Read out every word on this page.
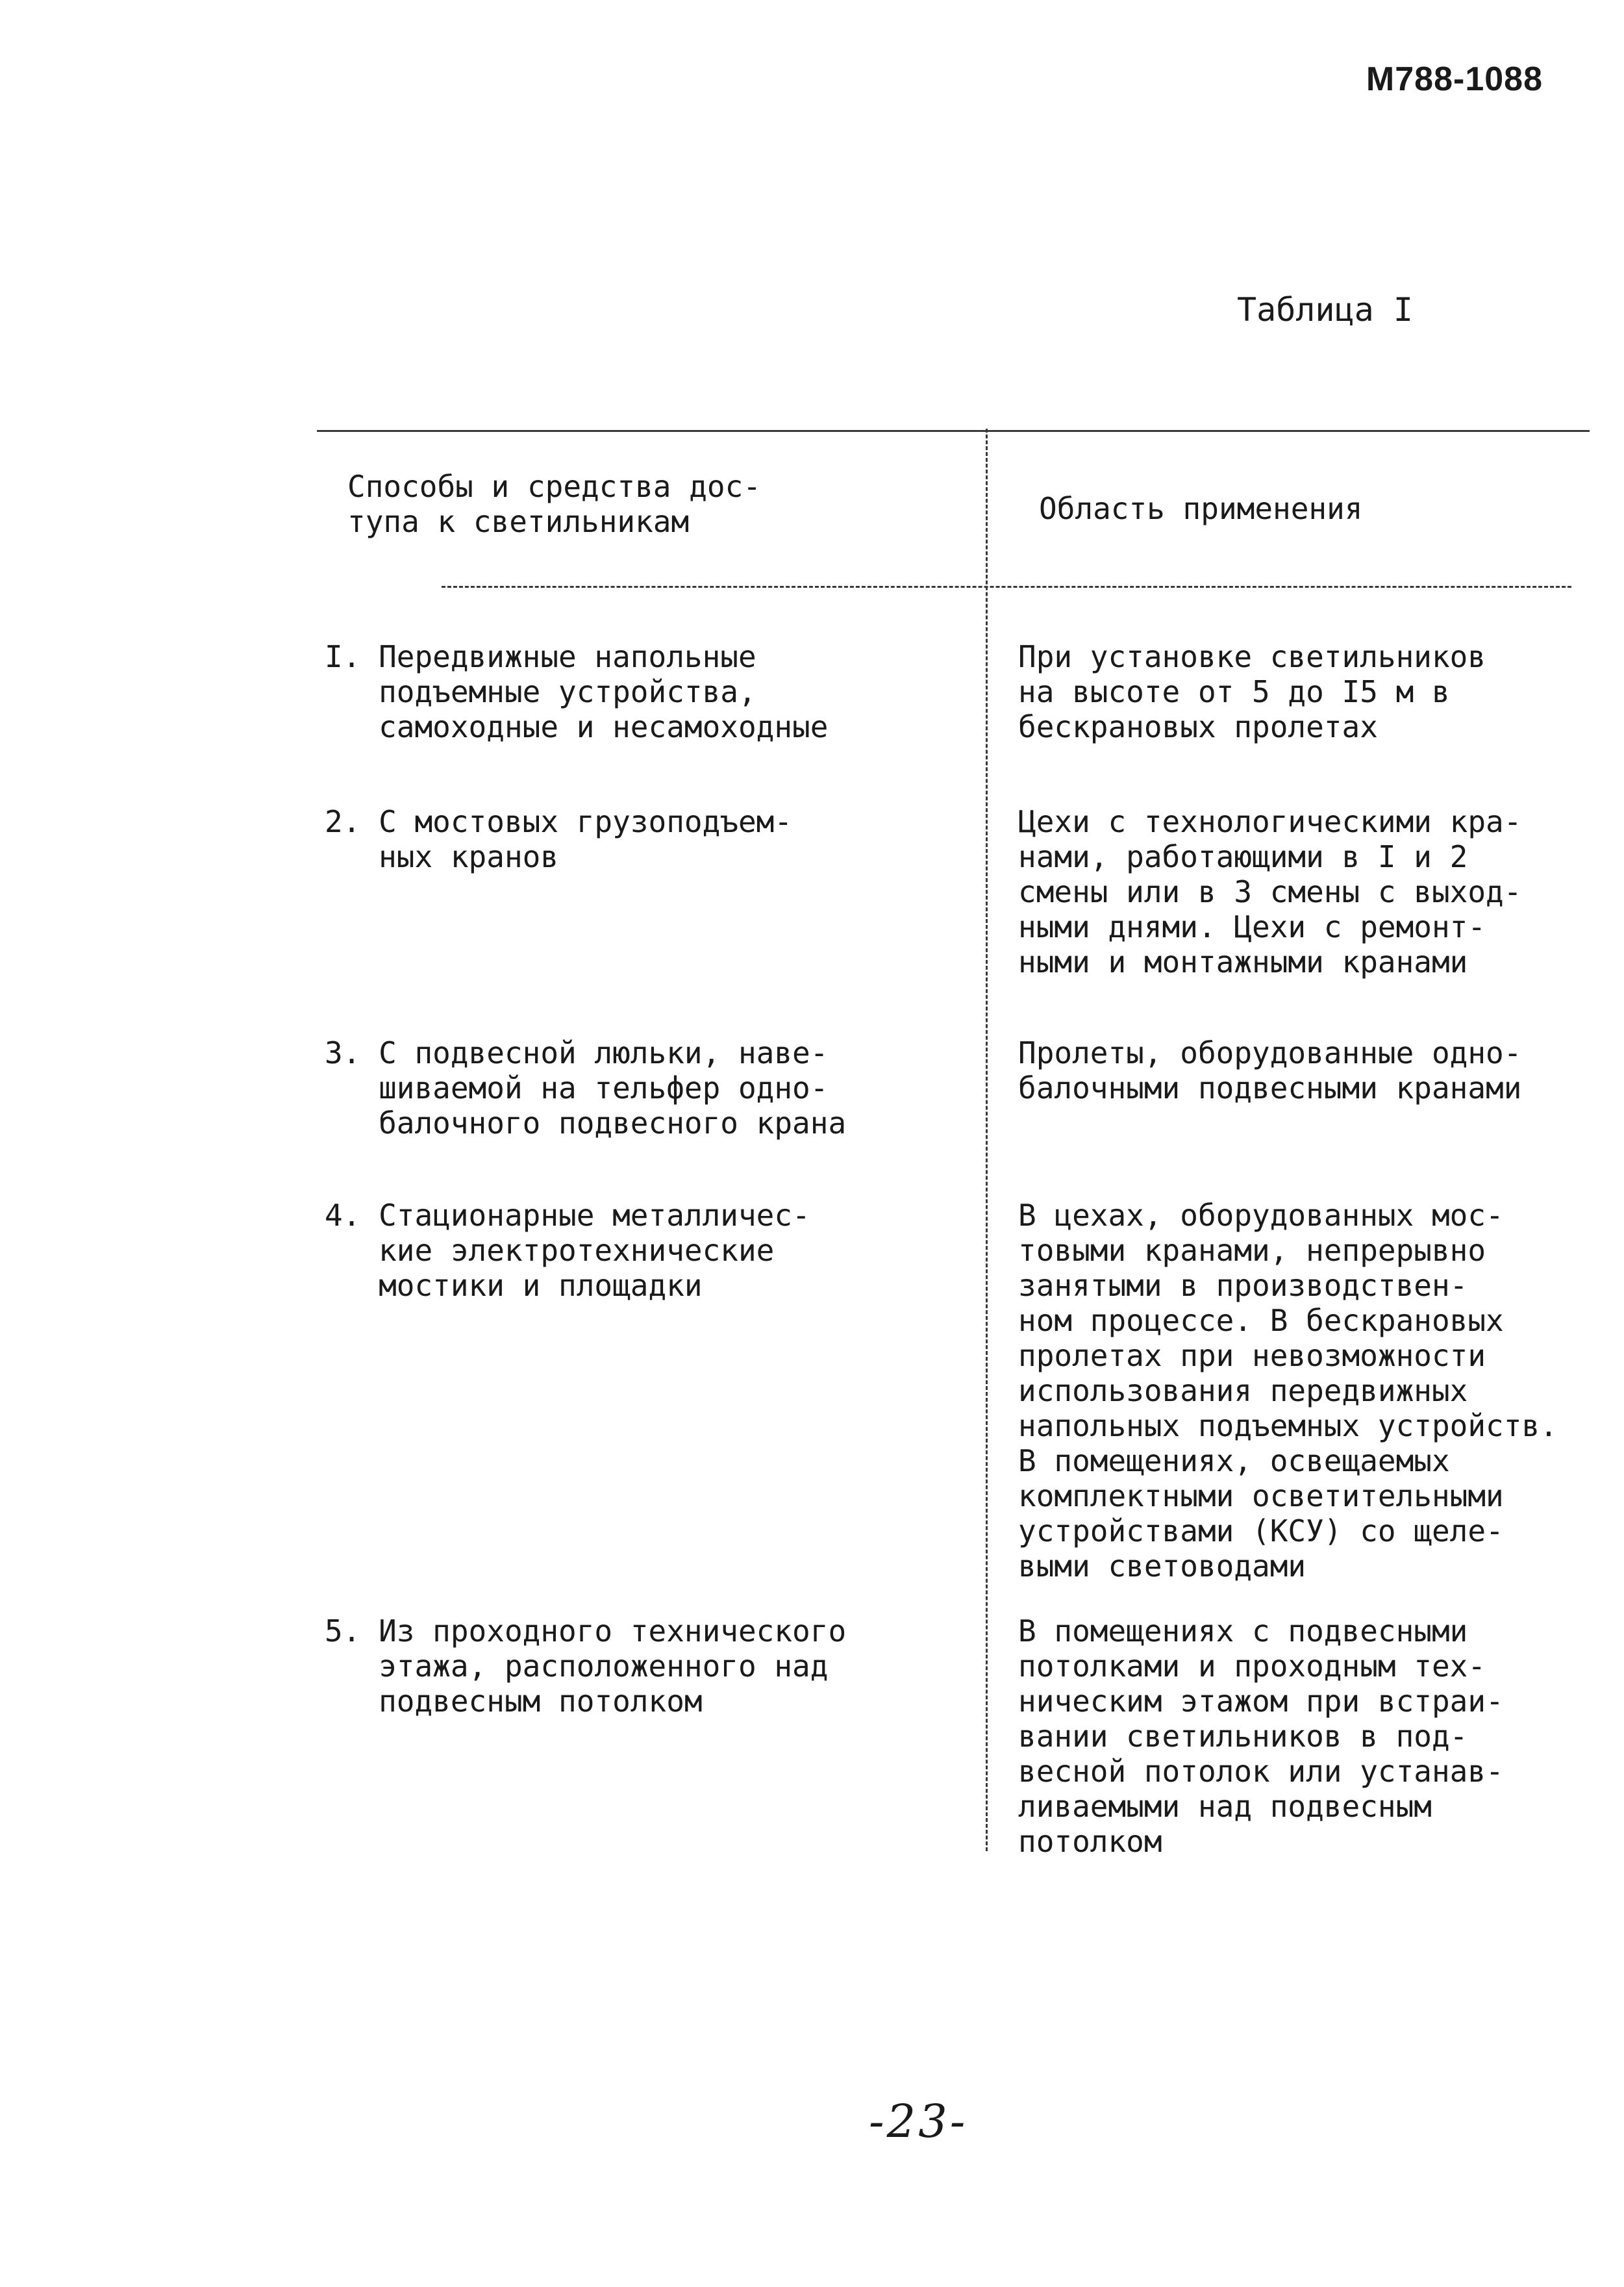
М788-1088
Таблица I
Способы и средства дос-
тупа к светильникам	Область применения
I. Передвижные напольные
подъемные устройства,
самоходные и несамоходные
При установке светильников
на высоте от 5 до I5 м в
бескрановых пролетах
2. С мостовых грузоподъем-
ных кранов
Цехи с технологическими кра-
нами, работающими в I и 2
смены или в 3 смены с выход-
ными днями. Цехи с ремонт-
ными и монтажными кранами
3. С подвесной люльки, наве-
шиваемой на тельфер одно-
балочного подвесного крана
Пролеты, оборудованные одно-
балочными подвесными кранами
4. Стационарные металличес-
кие электротехнические
мостики и площадки
В цехах, оборудованных мос-
товыми кранами, непрерывно
занятыми в производствен-
ном процессе. В бескрановых
пролетах при невозможности
использования передвижных
напольных подъемных устройств.
В помещениях, освещаемых
комплектными осветительными
устройствами (КСУ) со щеле-
выми световодами
5. Из проходного технического
этажа, расположенного над
подвесным потолком
В помещениях с подвесными
потолками и проходным тех-
ническим этажом при встраи-
вании светильников в под-
весной потолок или устанав-
ливаемыми над подвесным
потолком
-23-
